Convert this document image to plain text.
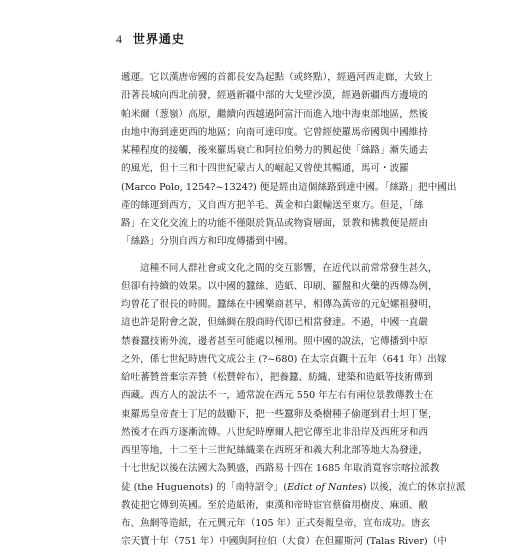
4 世界通史
遞運。它以漢唐帝國的首都長安為起點（或終點），經過河西走廊，大致上
沿著長城向西北前發，經過新疆中部的大戈壁沙漠，經過新疆西方邊境的
帕米爾（葱嶺）高原，繼續向西越過阿富汗而進入地中海東部地區，然後
由地中海到達更西的地區；向南可達印度。它曾經使羅馬帝國與中國維持
某種程度的接觸，後來羅馬衰亡和阿拉伯勢力的興起使「絲路」漸失通去
的風光，但十三和十四世紀蒙古人的崛起又曾使其暢通，馬可・波羅
(Marco Polo, 1254?~1324?) 便是經由這個絲路到達中國。「絲路」把中國出
產的絲運到西方，又自西方把羊毛、黃金和白銀輸送至東方。但是，「絲
路」在文化交流上的功能不僅限於貨品或物資層面，景教和佛教便是經由
「絲路」分別自西方和印度傳播到中國。
這種不同人群社會或文化之間的交互影響，在近代以前常常發生甚久，
但卻有持續的效果。以中國的蠶絲、造紙、印刷、羅盤和火藥的西傳為例，
均曾花了很長的時間。蠶絲在中國樂商甚早，相傳為黃帝的元妃嫘祖發明，
這也許是附會之說，但絲綢在殷商時代即已相當發達。不過，中國一直嚴
禁養蠶技術外流，邊者甚至可能處以極刑。照中國的說法，它傳播到中原
之外，係七世紀時唐代文成公主 (?~680) 在太宗貞觀十五年（641 年）出嫁
給吐蕃贊普棄宗弄贊（松贊幹布），把養蠶、紡織、建築和造紙等技術傳到
西藏。西方人的說法不一，通常說在西元 550 年左右有兩位景教傳教士在
東羅馬皇帝査士丁尼的鼓勵下，把一些蠶卵及桑樹種子偷運到君士坦丁堡，
然後才在西方逐漸流傳。八世紀時摩爾人把它傳至北非沿岸及西班牙和西
西里等地，十二至十三世紀絲織業在西班牙和義大利北部等地大為發達，
十七世紀以後在法國大為興盛，西路易十四在 1685 年取消寬容宗喀拉派教
徒 (the Huguenots) 的「南特詔令」(Edict of Nantes) 以後，流亡的休京拉派
教徒把它傳到英國。至於造紙術，東漢和帝時宦官蔡倫用樹皮、麻頭、敝
布、魚網等造紙，在元興元年（105 年）正式奏報皇帝，宣布成功。唐玄
宗天寶十年（751 年）中國與阿拉伯（大食）在但羅斯河 (Talas River)（中
